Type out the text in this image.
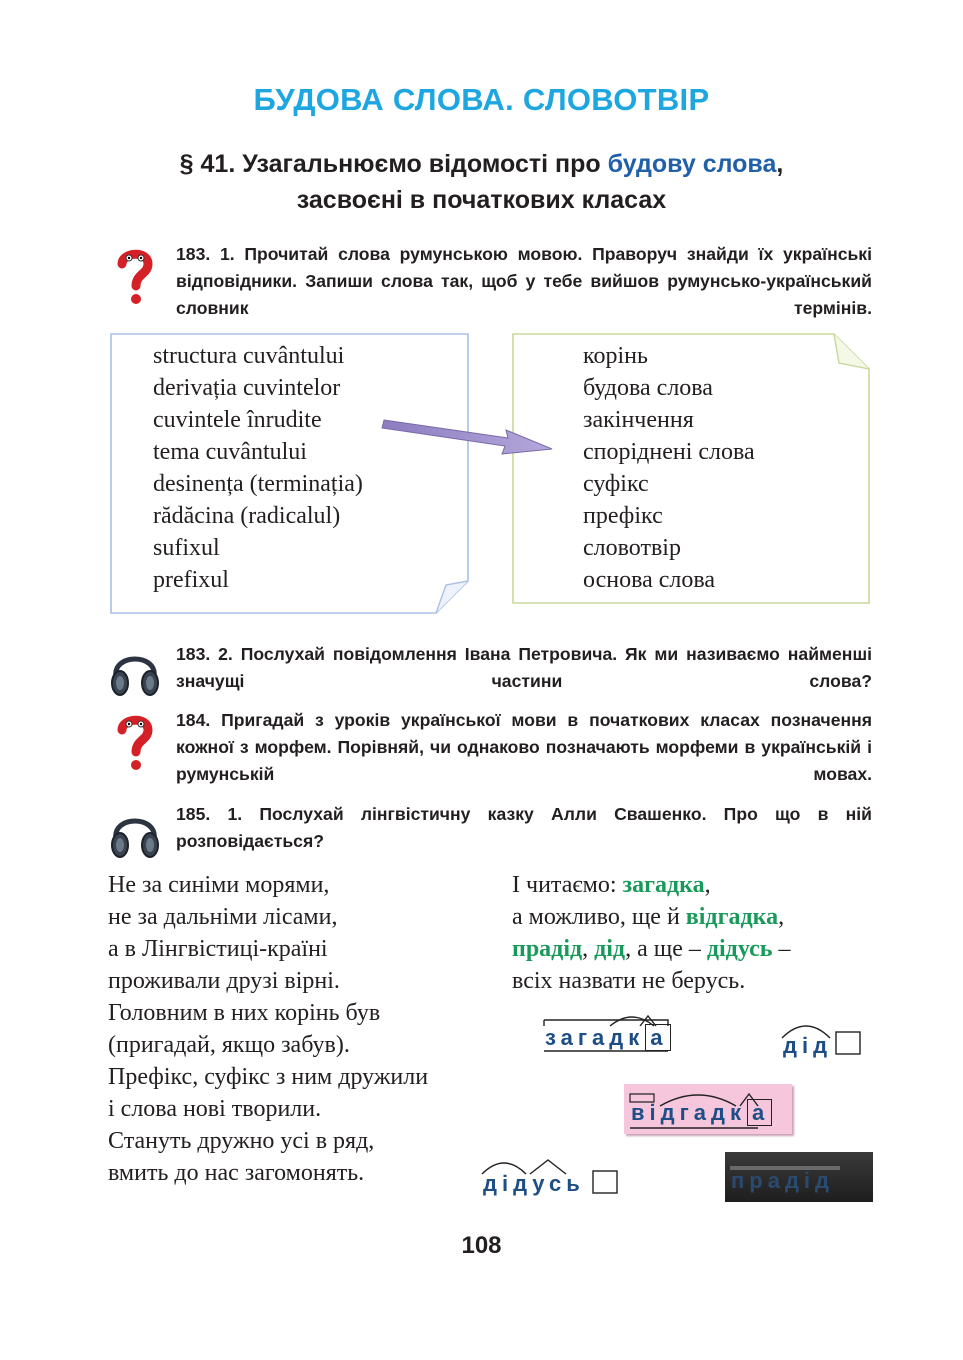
БУДОВА СЛОВА. СЛОВОТВІР
§ 41. Узагальнюємо відомості про будову слова,
засвоєні в початкових класах
183. 1. Прочитай слова румунською мовою. Праворуч знайди їх українські відповідники. Запиши слова так, щоб у тебе вийшов румунсько-український словник термінів.
structura cuvântului
derivația cuvintelor
cuvintele înrudite
tema cuvântului
desinența (terminația)
rădăcina (radicalul)
sufixul
prefixul
корінь
будова слова
закінчення
споріднені слова
суфікс
префікс
словотвір
основа слова
183. 2. Послухай повідомлення Івана Петровича. Як ми називаємо найменші значущі частини слова?
184. Пригадай з уроків української мови в початкових класах позначення кожної з морфем. Порівняй, чи однаково позначають морфеми в українській і румунській мовах.
185. 1. Послухай лінгвістичну казку Алли Свашенко. Про що в ній розповідається?
Не за синіми морями,
не за дальніми лісами,
а в Лінгвістиці-країні
проживали друзі вірні.
Головним в них корінь був
(пригадай, якщо забув).
Префікс, суфікс з ним дружили
і слова нові творили.
Стануть дружно усі в ряд,
вмить до нас загомонять.
І читаємо: загадка,
а можливо, ще й відгадка,
прадід, дід, а ще – дідусь –
всіх назвати не берусь.
загадк а	дід
відгадк а
дідусь	прадід
108
